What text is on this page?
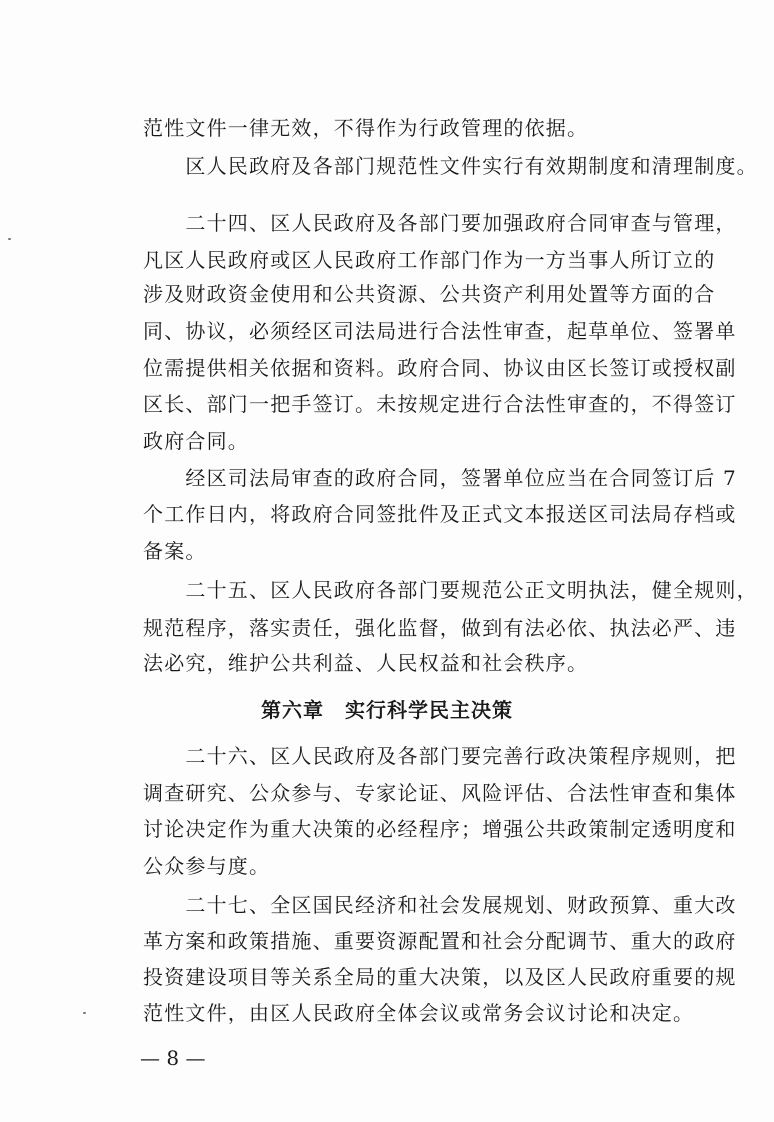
范性文件一律无效，不得作为行政管理的依据。
　　区人民政府及各部门规范性文件实行有效期制度和清理制度。
　　二十四、区人民政府及各部门要加强政府合同审查与管理，
凡区人民政府或区人民政府工作部门作为一方当事人所订立的
涉及财政资金使用和公共资源、公共资产利用处置等方面的合
同、协议，必须经区司法局进行合法性审查，起草单位、签署单
位需提供相关依据和资料。政府合同、协议由区长签订或授权副
区长、部门一把手签订。未按规定进行合法性审查的，不得签订
政府合同。
　　经区司法局审查的政府合同，签署单位应当在合同签订后 7
个工作日内，将政府合同签批件及正式文本报送区司法局存档或
备案。
　　二十五、区人民政府各部门要规范公正文明执法，健全规则，
规范程序，落实责任，强化监督，做到有法必依、执法必严、违
法必究，维护公共利益、人民权益和社会秩序。
第六章　实行科学民主决策
　　二十六、区人民政府及各部门要完善行政决策程序规则，把
调查研究、公众参与、专家论证、风险评估、合法性审查和集体
讨论决定作为重大决策的必经程序；增强公共政策制定透明度和
公众参与度。
　　二十七、全区国民经济和社会发展规划、财政预算、重大改
革方案和政策措施、重要资源配置和社会分配调节、重大的政府
投资建设项目等关系全局的重大决策，以及区人民政府重要的规
范性文件，由区人民政府全体会议或常务会议讨论和决定。
— 8 —
